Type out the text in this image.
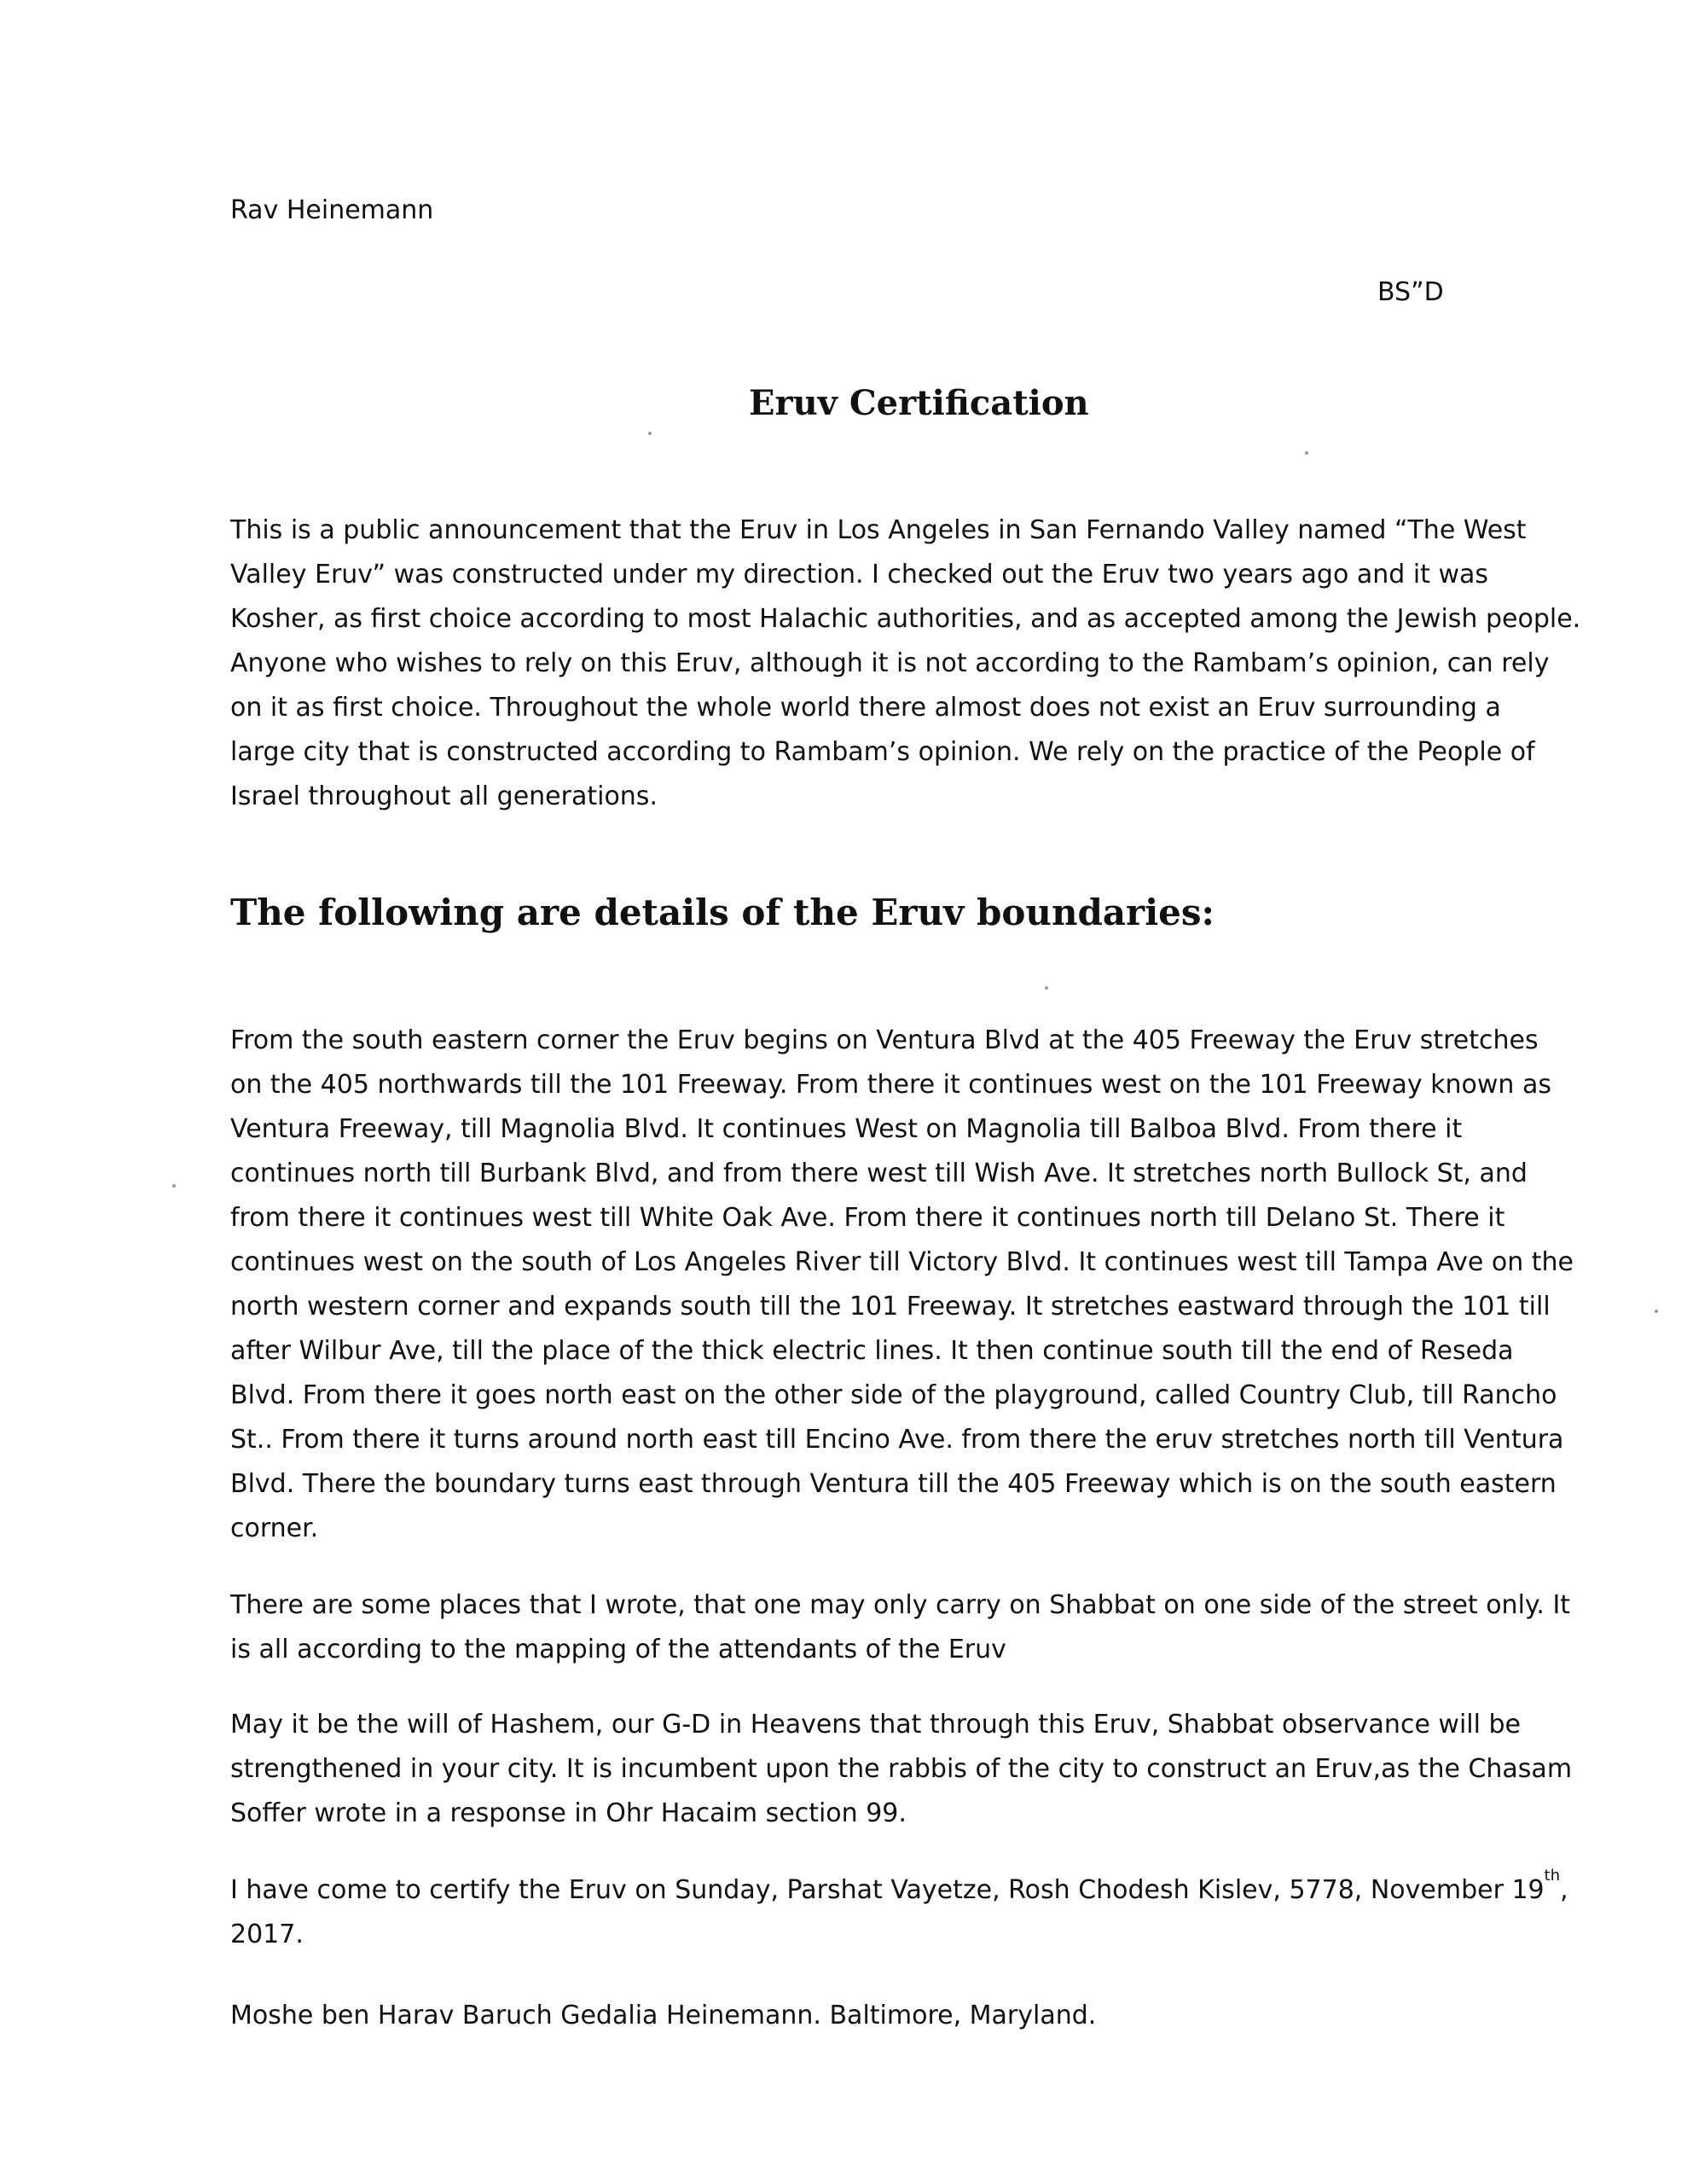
Rav Heinemann
BS”D
Eruv Certification
This is a public announcement that the Eruv in Los Angeles in San Fernando Valley named “The West
Valley Eruv” was constructed under my direction. I checked out the Eruv two years ago and it was
Kosher, as first choice according to most Halachic authorities, and as accepted among the Jewish people.
Anyone who wishes to rely on this Eruv, although it is not according to the Rambam’s opinion, can rely
on it as first choice. Throughout the whole world there almost does not exist an Eruv surrounding a
large city that is constructed according to Rambam’s opinion. We rely on the practice of the People of
Israel throughout all generations.
The following are details of the Eruv boundaries:
From the south eastern corner the Eruv begins on Ventura Blvd at the 405 Freeway the Eruv stretches
on the 405 northwards till the 101 Freeway. From there it continues west on the 101 Freeway known as
Ventura Freeway, till Magnolia Blvd. It continues West on Magnolia till Balboa Blvd. From there it
continues north till Burbank Blvd, and from there west till Wish Ave. It stretches north Bullock St, and
from there it continues west till White Oak Ave. From there it continues north till Delano St. There it
continues west on the south of Los Angeles River till Victory Blvd. It continues west till Tampa Ave on the
north western corner and expands south till the 101 Freeway. It stretches eastward through the 101 till
after Wilbur Ave, till the place of the thick electric lines. It then continue south till the end of Reseda
Blvd. From there it goes north east on the other side of the playground, called Country Club, till Rancho
St.. From there it turns around north east till Encino Ave. from there the eruv stretches north till Ventura
Blvd. There the boundary turns east through Ventura till the 405 Freeway which is on the south eastern
corner.
There are some places that I wrote, that one may only carry on Shabbat on one side of the street only. It
is all according to the mapping of the attendants of the Eruv
May it be the will of Hashem, our G-D in Heavens that through this Eruv, Shabbat observance will be
strengthened in your city. It is incumbent upon the rabbis of the city to construct an Eruv,as the Chasam
Soffer wrote in a response in Ohr Hacaim section 99.
I have come to certify the Eruv on Sunday, Parshat Vayetze, Rosh Chodesh Kislev, 5778, November 19th,
2017.
Moshe ben Harav Baruch Gedalia Heinemann. Baltimore, Maryland.
